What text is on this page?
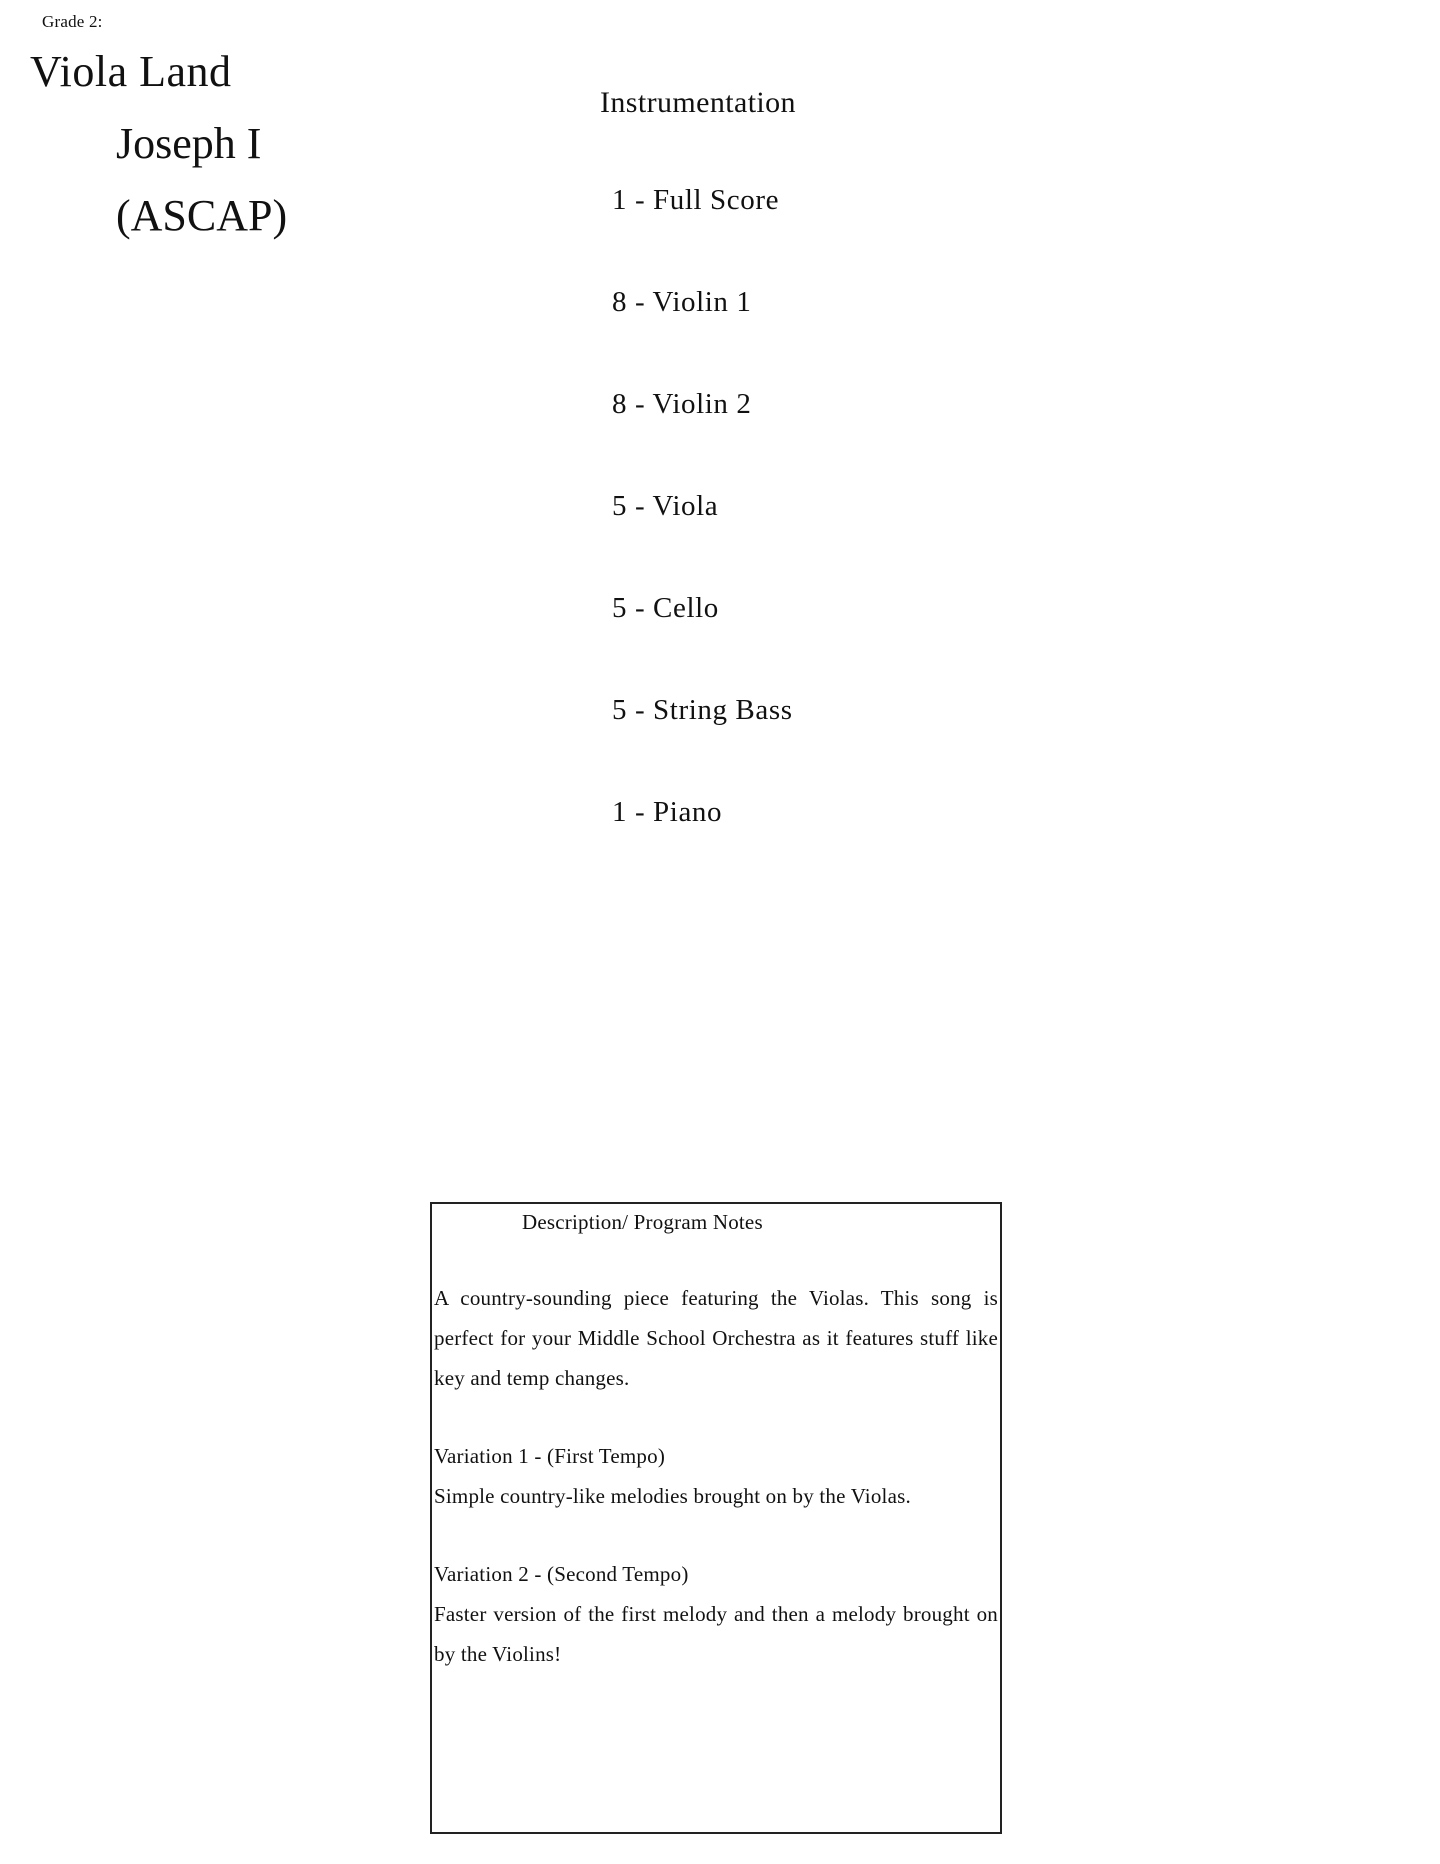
Grade 2:
Viola Land
Joseph I
(ASCAP)
Instrumentation
1 - Full Score
8 - Violin 1
8 - Violin 2
5 - Viola
5 - Cello
5 - String Bass
1 - Piano
Description/ Program Notes

A country-sounding piece featuring the Violas. This song is perfect for your Middle School Orchestra as it features stuff like key and temp changes.

Variation 1 - (First Tempo)

Simple country-like melodies brought on by the Violas.

Variation 2 - (Second Tempo)

Faster version of the first melody and then a melody brought on by the Violins!
